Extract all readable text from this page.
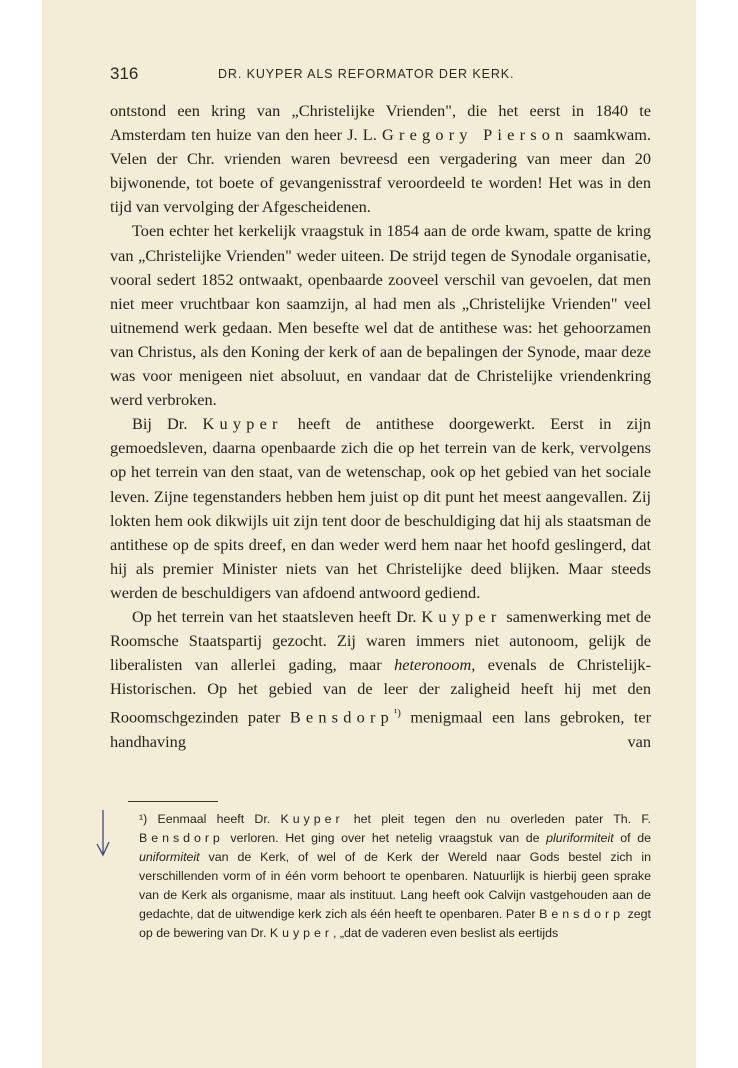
316	DR. KUYPER ALS REFORMATOR DER KERK.

ontstond een kring van „Christelijke Vrienden", die het eerst in 1840 te Amsterdam ten huize van den heer J. L. Gregory Pierson saamkwam. Velen der Chr. vrienden waren bevreesd een vergadering van meer dan 20 bijwonende, tot boete of gevangenisstraf veroordeeld te worden! Het was in den tijd van vervolging der Afgescheidenen.

Toen echter het kerkelijk vraagstuk in 1854 aan de orde kwam, spatte de kring van „Christelijke Vrienden" weder uiteen. De strijd tegen de Synodale organisatie, vooral sedert 1852 ontwaakt, openbaarde zooveel verschil van gevoelen, dat men niet meer vruchtbaar kon saamzijn, al had men als „Christelijke Vrienden" veel uitnemend werk gedaan. Men besefte wel dat de antithese was: het gehoorzamen van Christus, als den Koning der kerk of aan de bepalingen der Synode, maar deze was voor menigeen niet absoluut, en vandaar dat de Christelijke vriendenkring werd verbroken.

Bij Dr. Kuyper heeft de antithese doorgewerkt. Eerst in zijn gemoedsleven, daarna openbaarde zich die op het terrein van de kerk, vervolgens op het terrein van den staat, van de wetenschap, ook op het gebied van het sociale leven. Zijne tegenstanders hebben hem juist op dit punt het meest aangevallen. Zij lokten hem ook dikwijls uit zijn tent door de beschuldiging dat hij als staatsman de antithese op de spits dreef, en dan weder werd hem naar het hoofd geslingerd, dat hij als premier Minister niets van het Christelijke deed blijken. Maar steeds werden de beschuldigers van afdoend antwoord gediend.

Op het terrein van het staatsleven heeft Dr. Kuyper samenwerking met de Roomsche Staatspartij gezocht. Zij waren immers niet autonoom, gelijk de liberalisten van allerlei gading, maar heteronoom, evenals de Christelijk-Historischen. Op het gebied van de leer der zaligheid heeft hij met den Rooomschgezinden pater Bensdorp$^{^1)}$ menigmaal een lans gebroken, ter handhaving van

¹) Eenmaal heeft Dr. Kuyper het pleit tegen den nu overleden pater Th. F. Bensdorp verloren. Het ging over het netelig vraagstuk van de pluriformiteit of de uniformiteit van de Kerk, of wel of de Kerk der Wereld naar Gods bestel zich in verschillenden vorm of in één vorm behoort te openbaren. Natuurlijk is hierbij geen sprake van de Kerk als organisme, maar als instituut. Lang heeft ook Calvijn vastgehouden aan de gedachte, dat de uitwendige kerk zich als één heeft te openbaren. Pater Bensdorp zegt op de bewering van Dr. Kuyper, „dat de vaderen even beslist als eertijds
